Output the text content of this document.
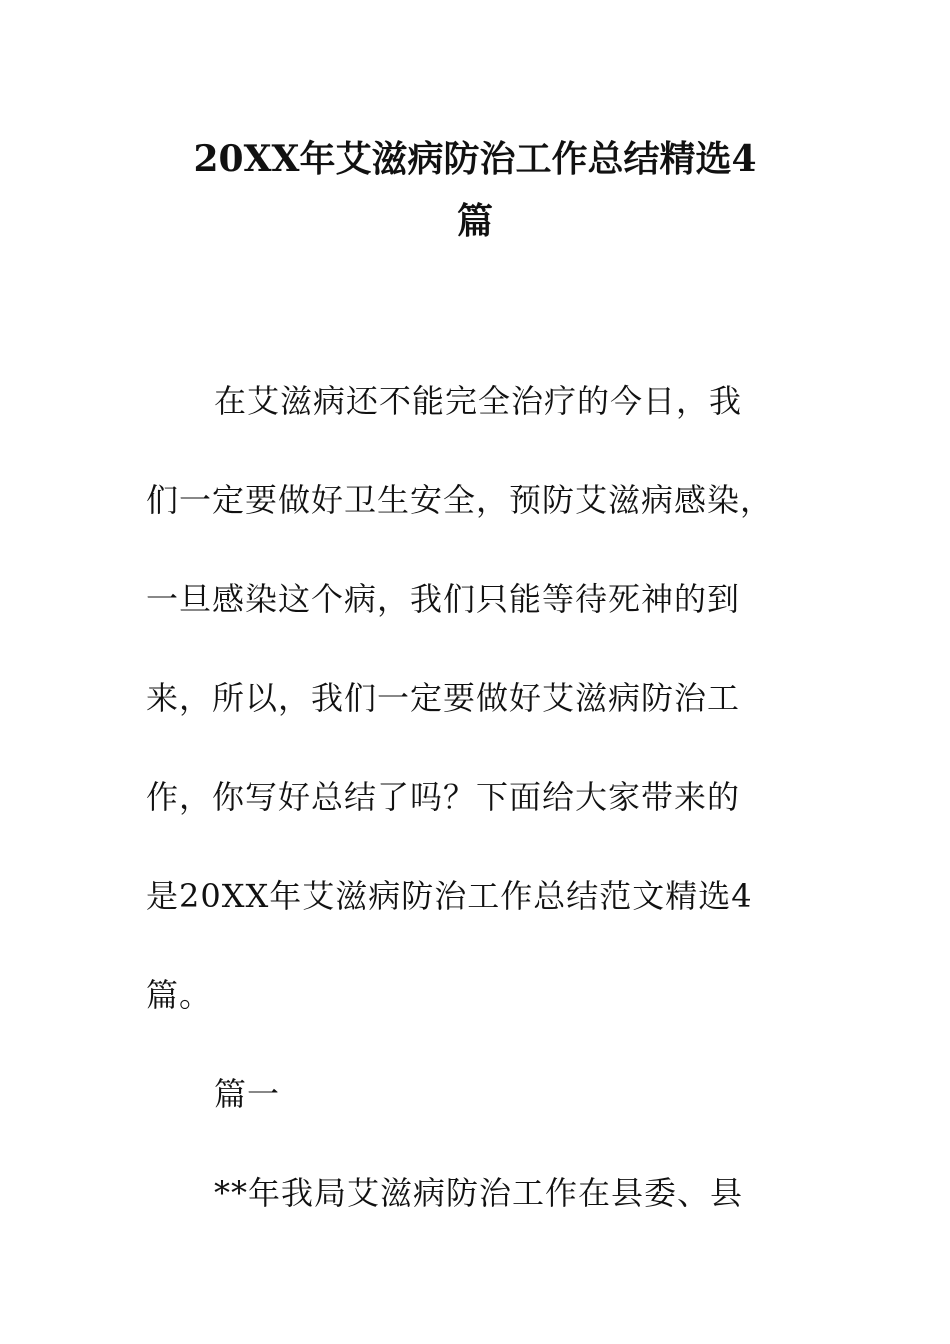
20XX年艾滋病防治工作总结精选4
篇
在艾滋病还不能完全治疗的今日，我
们一定要做好卫生安全，预防艾滋病感染，
一旦感染这个病，我们只能等待死神的到
来，所以，我们一定要做好艾滋病防治工
作，你写好总结了吗？下面给大家带来的
是20XX年艾滋病防治工作总结范文精选4
篇。
篇一
**年我局艾滋病防治工作在县委、县
